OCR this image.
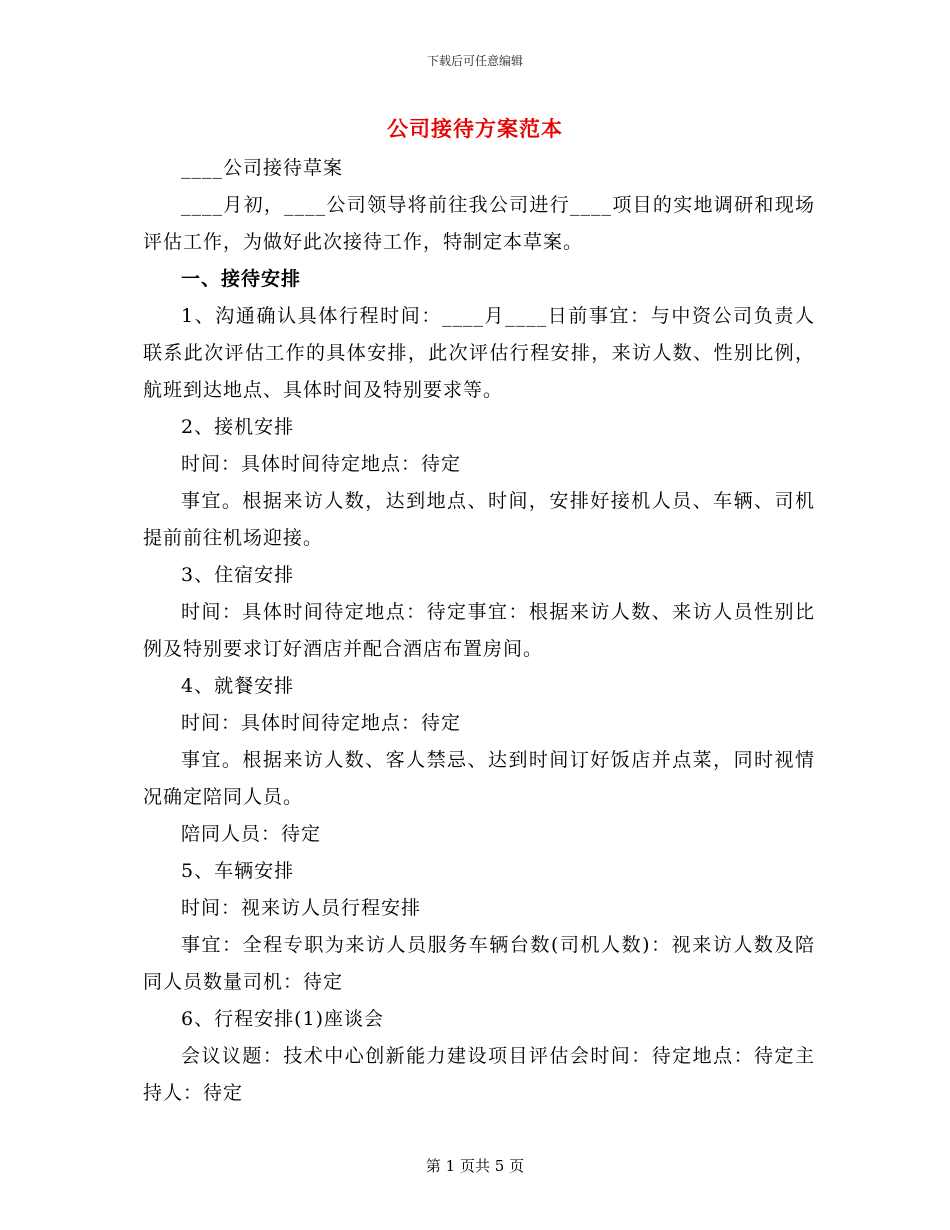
下载后可任意编辑
公司接待方案范本

____公司接待草案

____月初，____公司领导将前往我公司进行____项目的实地调研和现场评估工作，为做好此次接待工作，特制定本草案。

一、接待安排

1、沟通确认具体行程时间：____月____日前事宜：与中资公司负责人联系此次评估工作的具体安排，此次评估行程安排，来访人数、性别比例，航班到达地点、具体时间及特别要求等。

2、接机安排

时间：具体时间待定地点：待定

事宜。根据来访人数，达到地点、时间，安排好接机人员、车辆、司机提前前往机场迎接。

3、住宿安排

时间：具体时间待定地点：待定事宜：根据来访人数、来访人员性别比例及特别要求订好酒店并配合酒店布置房间。

4、就餐安排

时间：具体时间待定地点：待定

事宜。根据来访人数、客人禁忌、达到时间订好饭店并点菜，同时视情况确定陪同人员。

陪同人员：待定

5、车辆安排

时间：视来访人员行程安排

事宜：全程专职为来访人员服务车辆台数(司机人数)：视来访人数及陪同人员数量司机：待定

6、行程安排(1)座谈会

会议议题：技术中心创新能力建设项目评估会时间：待定地点：待定主持人：待定

第 1 页共 5 页
